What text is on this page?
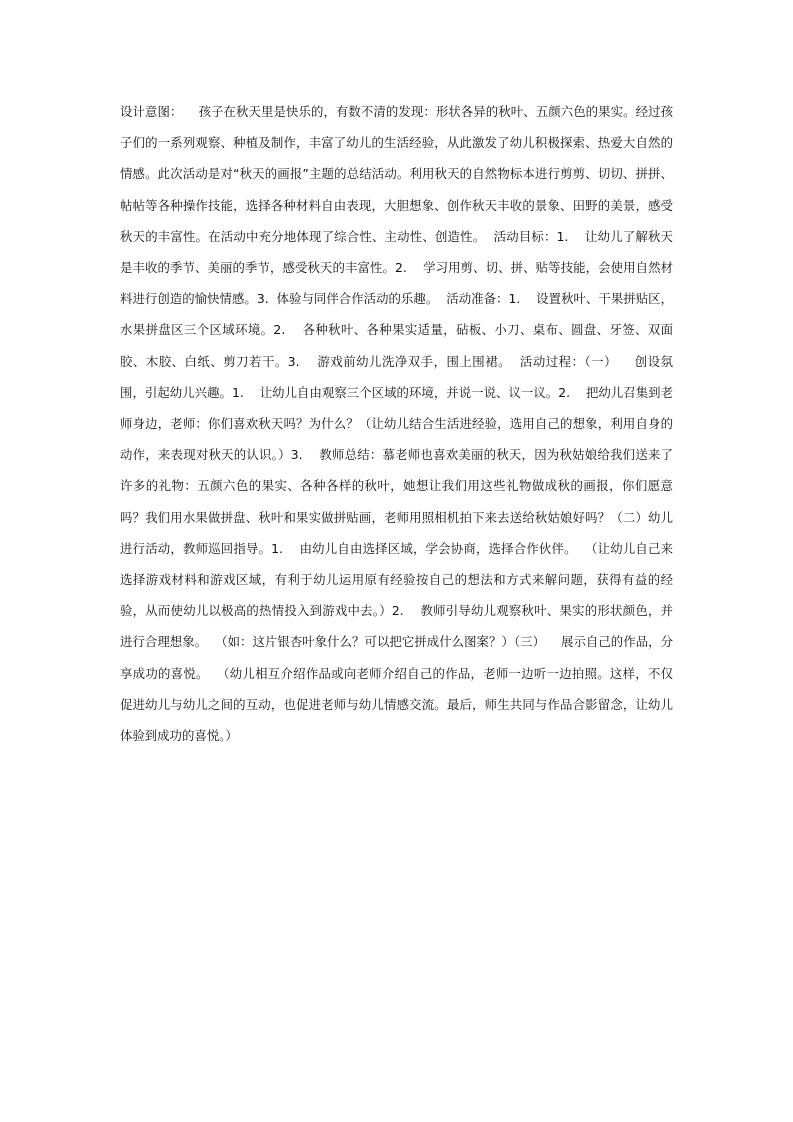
设计意图：    孩子在秋天里是快乐的，有数不清的发现：形状各异的秋叶、五颜六色的果实。经过孩子们的一系列观察、种植及制作，丰富了幼儿的生活经验，从此激发了幼儿积极探索、热爱大自然的情感。此次活动是对“秋天的画报”主题的总结活动。利用秋天的自然物标本进行剪剪、切切、拼拼、帖帖等各种操作技能，选择各种材料自由表现，大胆想象、创作秋天丰收的景象、田野的美景，感受秋天的丰富性。在活动中充分地体现了综合性、主动性、创造性。  活动目标：1.    让幼儿了解秋天是丰收的季节、美丽的季节，感受秋天的丰富性。2.    学习用剪、切、拼、贴等技能，会使用自然材料进行创造的愉快情感。3.  体验与同伴合作活动的乐趣。  活动准备：1.    设置秋叶、干果拼贴区，水果拼盘区三个区域环境。2.    各种秋叶、各种果实适量，砧板、小刀、桌布、圆盘、牙签、双面胶、木胶、白纸、剪刀若干。3.    游戏前幼儿洗净双手，围上围裙。  活动过程：（一）    创设氛围，引起幼儿兴趣。1.    让幼儿自由观察三个区域的环境，并说一说、议一议。2.    把幼儿召集到老师身边，老师：你们喜欢秋天吗？为什么？（让幼儿结合生活进经验，选用自己的想象，利用自身的动作，来表现对秋天的认识。）3.    教师总结：慕老师也喜欢美丽的秋天，因为秋姑娘给我们送来了许多的礼物：五颜六色的果实、各种各样的秋叶，她想让我们用这些礼物做成秋的画报，你们愿意吗？我们用水果做拼盘、秋叶和果实做拼贴画，老师用照相机拍下来去送给秋姑娘好吗？（二）幼儿进行活动，教师巡回指导。1.    由幼儿自由选择区域，学会协商，选择合作伙伴。  （让幼儿自己来选择游戏材料和游戏区域，有利于幼儿运用原有经验按自己的想法和方式来解问题，获得有益的经验，从而使幼儿以极高的热情投入到游戏中去。）2.    教师引导幼儿观察秋叶、果实的形状颜色，并进行合理想象。  （如：这片银杏叶象什么？可以把它拼成什么图案？）（三）    展示自己的作品，分享成功的喜悦。  （幼儿相互介绍作品或向老师介绍自己的作品，老师一边听一边拍照。这样，不仅促进幼儿与幼儿之间的互动，也促进老师与幼儿情感交流。最后，师生共同与作品合影留念，让幼儿体验到成功的喜悦。）
